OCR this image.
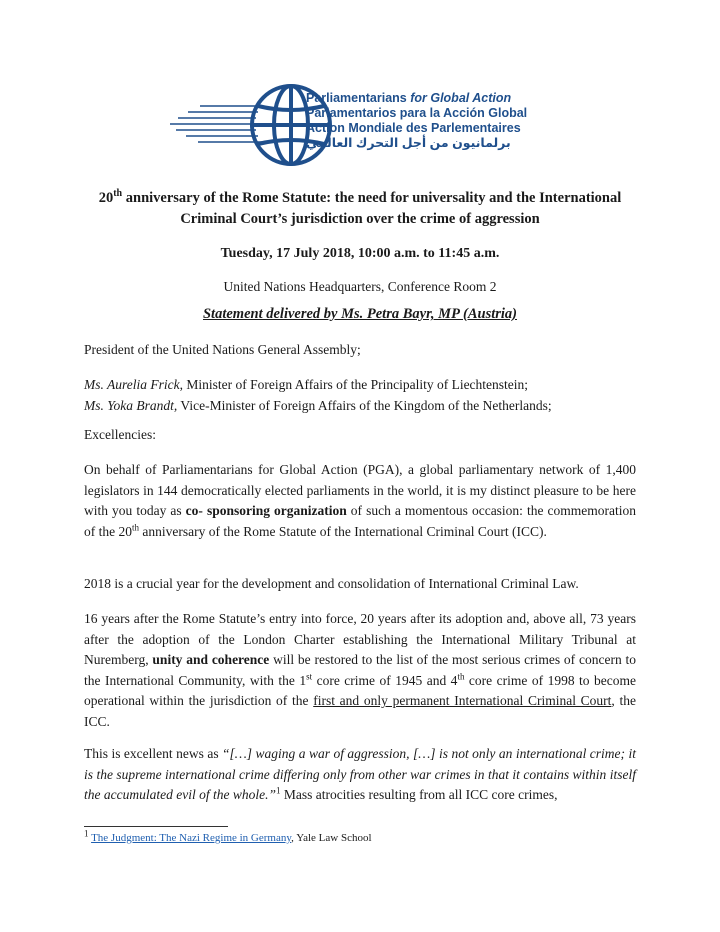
Parliamentarians for Global Action
Parlamentarios para la Acción Global
Action Mondiale des Parlementaires
برلمانيون من أجل التحرك العالمي
20th anniversary of the Rome Statute: the need for universality and the International
Criminal Court’s jurisdiction over the crime of aggression
Tuesday, 17 July 2018, 10:00 a.m. to 11:45 a.m.
United Nations Headquarters, Conference Room 2
Statement delivered by Ms. Petra Bayr, MP (Austria)
President of the United Nations General Assembly;
Ms. Aurelia Frick, Minister of Foreign Affairs of the Principality of Liechtenstein;
Ms. Yoka Brandt, Vice-Minister of Foreign Affairs of the Kingdom of the Netherlands;
Excellencies:
On behalf of Parliamentarians for Global Action (PGA), a global parliamentary network of 1,400 legislators in 144 democratically elected parliaments in the world, it is my distinct pleasure to be here with you today as co- sponsoring organization of such a momentous occasion: the commemoration of the 20th anniversary of the Rome Statute of the International Criminal Court (ICC).
2018 is a crucial year for the development and consolidation of International Criminal Law.
16 years after the Rome Statute’s entry into force, 20 years after its adoption and, above all, 73 years after the adoption of the London Charter establishing the International Military Tribunal at Nuremberg, unity and coherence will be restored to the list of the most serious crimes of concern to the International Community, with the 1st core crime of 1945 and 4th core crime of 1998 to become operational within the jurisdiction of the first and only permanent International Criminal Court, the ICC.
This is excellent news as “[…] waging a war of aggression, […] is not only an international crime; it is the supreme international crime differing only from other war crimes in that it contains within itself the accumulated evil of the whole.”$^1$ Mass atrocities resulting from all ICC core crimes,
$^1$ The Judgment: The Nazi Regime in Germany, Yale Law School
